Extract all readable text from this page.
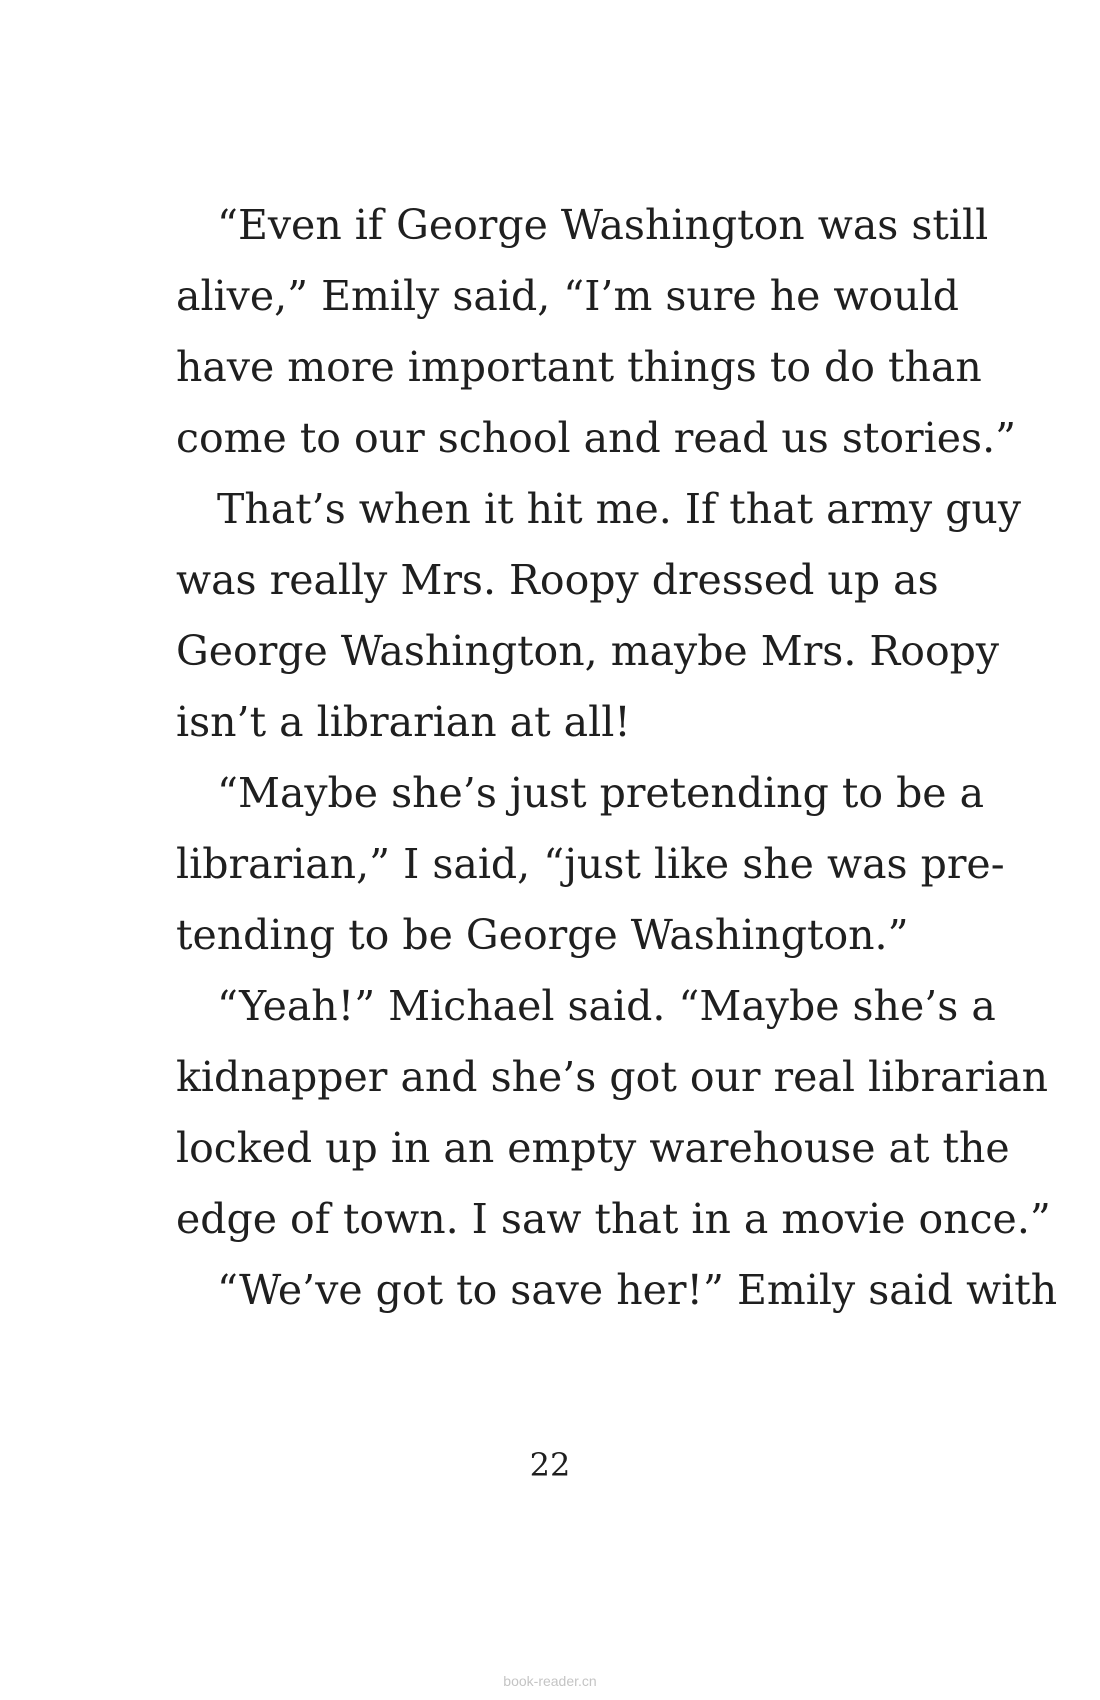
“Even if George Washington was still
alive,” Emily said, “I’m sure he would
have more important things to do than
come to our school and read us stories.”
That’s when it hit me. If that army guy
was really Mrs. Roopy dressed up as
George Washington, maybe Mrs. Roopy
isn’t a librarian at all!
“Maybe she’s just pretending to be a
librarian,” I said, “just like she was pre-
tending to be George Washington.”
“Yeah!” Michael said. “Maybe she’s a
kidnapper and she’s got our real librarian
locked up in an empty warehouse at the
edge of town. I saw that in a movie once.”
“We’ve got to save her!” Emily said with
22
book-reader.cn
